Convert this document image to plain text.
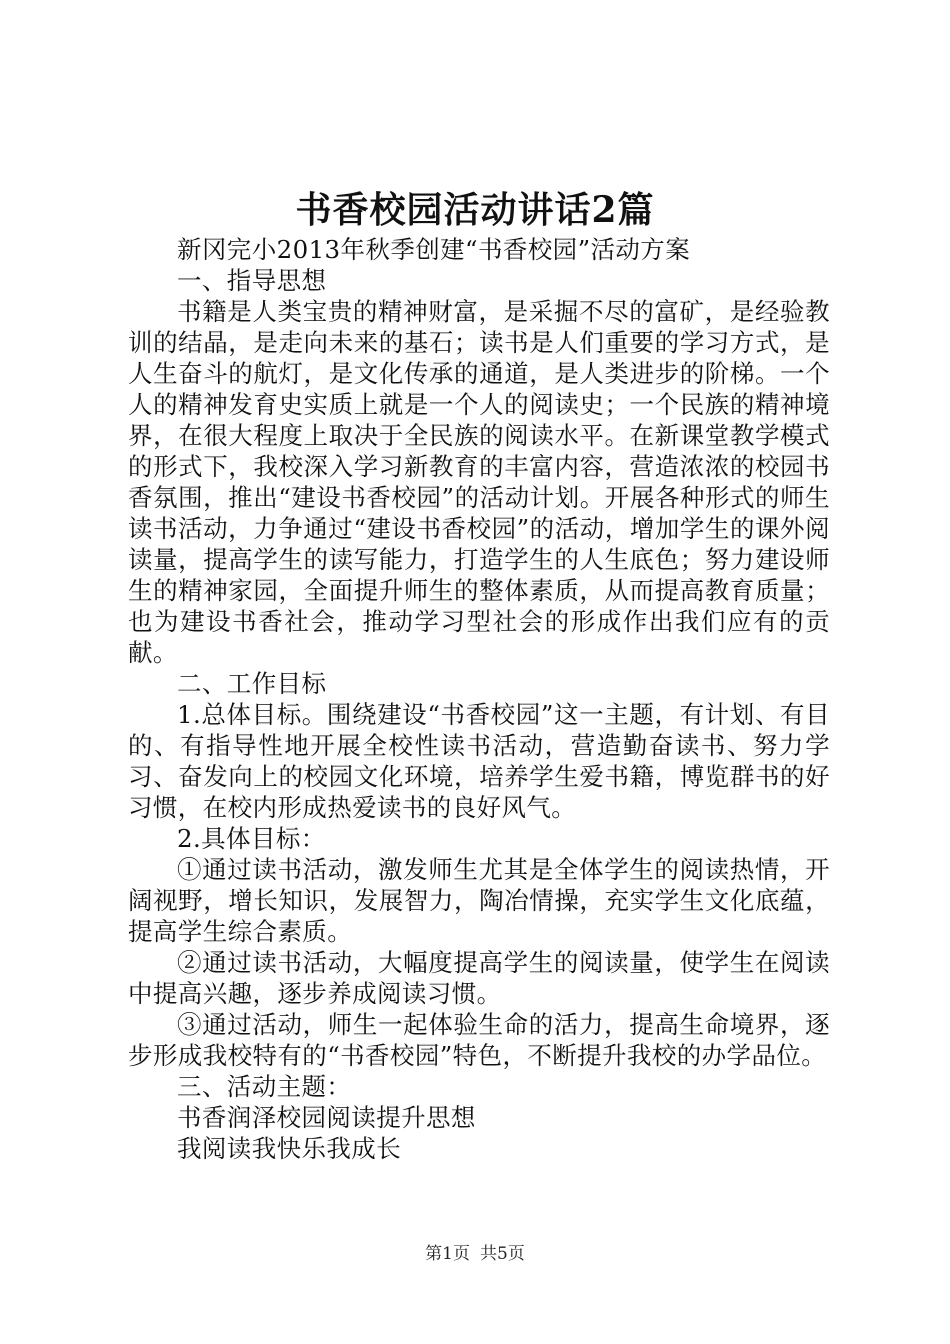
书香校园活动讲话2篇

新冈完小2013年秋季创建“书香校园”活动方案

一、指导思想

书籍是人类宝贵的精神财富，是采掘不尽的富矿，是经验教训的结晶，是走向未来的基石；读书是人们重要的学习方式，是人生奋斗的航灯，是文化传承的通道，是人类进步的阶梯。一个人的精神发育史实质上就是一个人的阅读史；一个民族的精神境界，在很大程度上取决于全民族的阅读水平。在新课堂教学模式的形式下，我校深入学习新教育的丰富内容，营造浓浓的校园书香氛围，推出“建设书香校园”的活动计划。开展各种形式的师生读书活动，力争通过“建设书香校园”的活动，增加学生的课外阅读量，提高学生的读写能力，打造学生的人生底色；努力建设师生的精神家园，全面提升师生的整体素质，从而提高教育质量；也为建设书香社会，推动学习型社会的形成作出我们应有的贡献。

二、工作目标

1.总体目标。围绕建设“书香校园”这一主题，有计划、有目的、有指导性地开展全校性读书活动，营造勤奋读书、努力学习、奋发向上的校园文化环境，培养学生爱书籍，博览群书的好习惯，在校内形成热爱读书的良好风气。

2.具体目标：

①通过读书活动，激发师生尤其是全体学生的阅读热情，开阔视野，增长知识，发展智力，陶冶情操，充实学生文化底蕴，提高学生综合素质。

②通过读书活动，大幅度提高学生的阅读量，使学生在阅读中提高兴趣，逐步养成阅读习惯。

③通过活动，师生一起体验生命的活力，提高生命境界，逐步形成我校特有的“书香校园”特色，不断提升我校的办学品位。

三、活动主题：

书香润泽校园阅读提升思想

我阅读我快乐我成长

第1页 共5页
